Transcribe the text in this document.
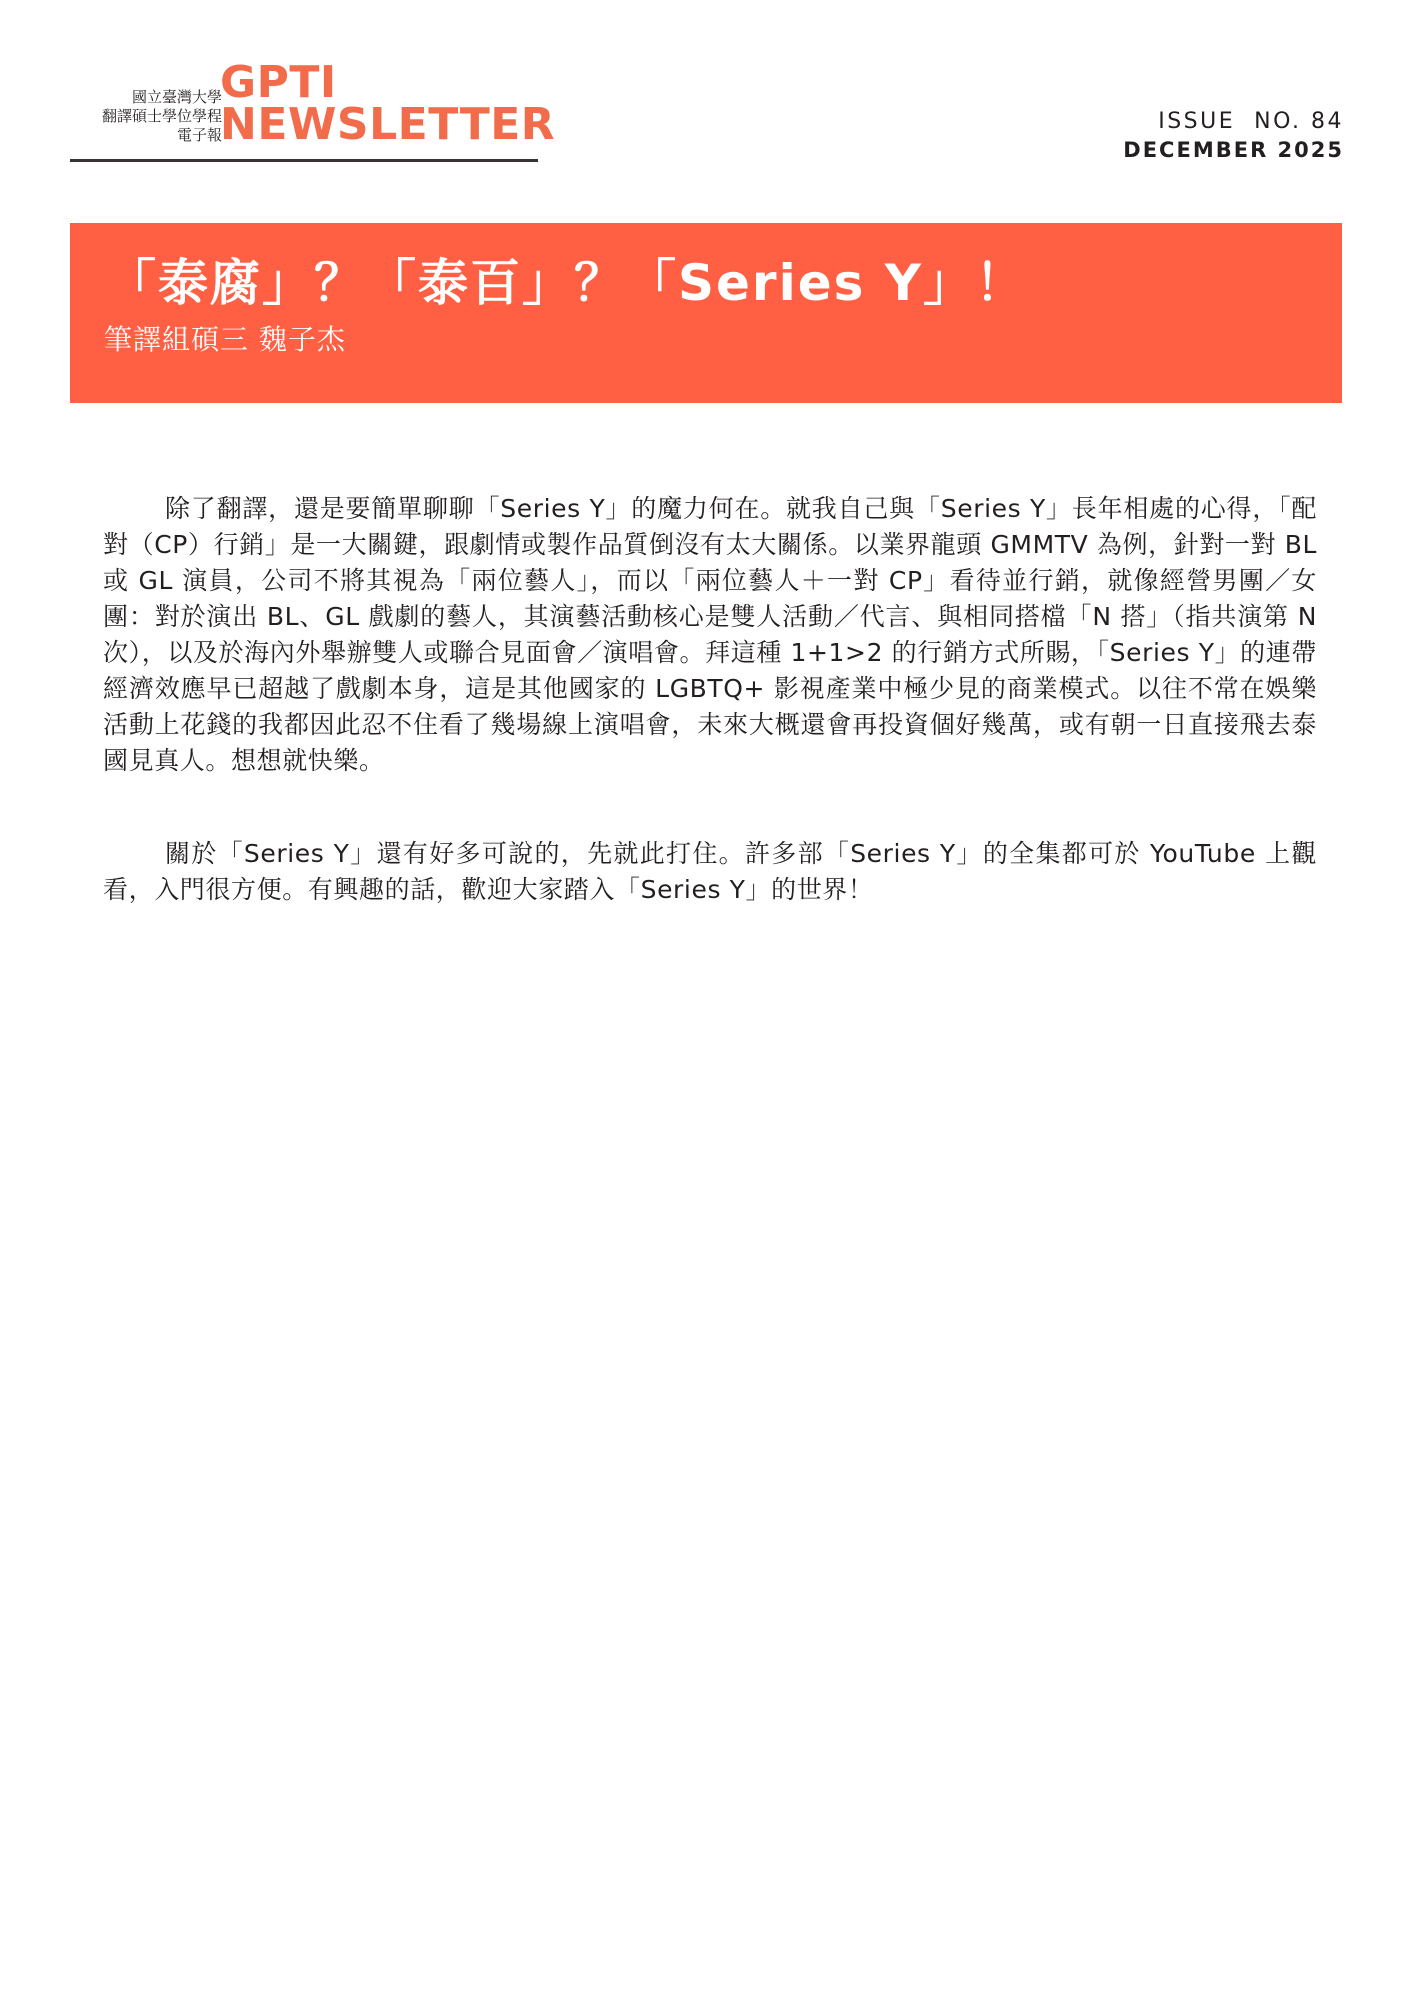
國立臺灣大學
翻譯碩士學位學程
電子報
GPTI
NEWSLETTER	ISSUE  NO. 84
DECEMBER 2025
「泰腐」？「泰百」？「Series Y」！
筆譯組碩三 魏子杰

除了翻譯，還是要簡單聊聊「Series Y」的魔力何在。就我自己與「Series Y」長年相處的心得，「配對（CP）行銷」是一大關鍵，跟劇情或製作品質倒沒有太大關係。以業界龍頭 GMMTV 為例，針對一對 BL 或 GL 演員，公司不將其視為「兩位藝人」，而以「兩位藝人＋一對 CP」看待並行銷，就像經營男團／女團：對於演出 BL、GL 戲劇的藝人，其演藝活動核心是雙人活動／代言、與相同搭檔「N 搭」（指共演第 N 次），以及於海內外舉辦雙人或聯合見面會／演唱會。拜這種 1+1>2 的行銷方式所賜，「Series Y」的連帶經濟效應早已超越了戲劇本身，這是其他國家的 LGBTQ+ 影視產業中極少見的商業模式。以往不常在娛樂活動上花錢的我都因此忍不住看了幾場線上演唱會，未來大概還會再投資個好幾萬，或有朝一日直接飛去泰國見真人。想想就快樂。

關於「Series Y」還有好多可說的，先就此打住。許多部「Series Y」的全集都可於 YouTube 上觀看，入門很方便。有興趣的話，歡迎大家踏入「Series Y」的世界！
